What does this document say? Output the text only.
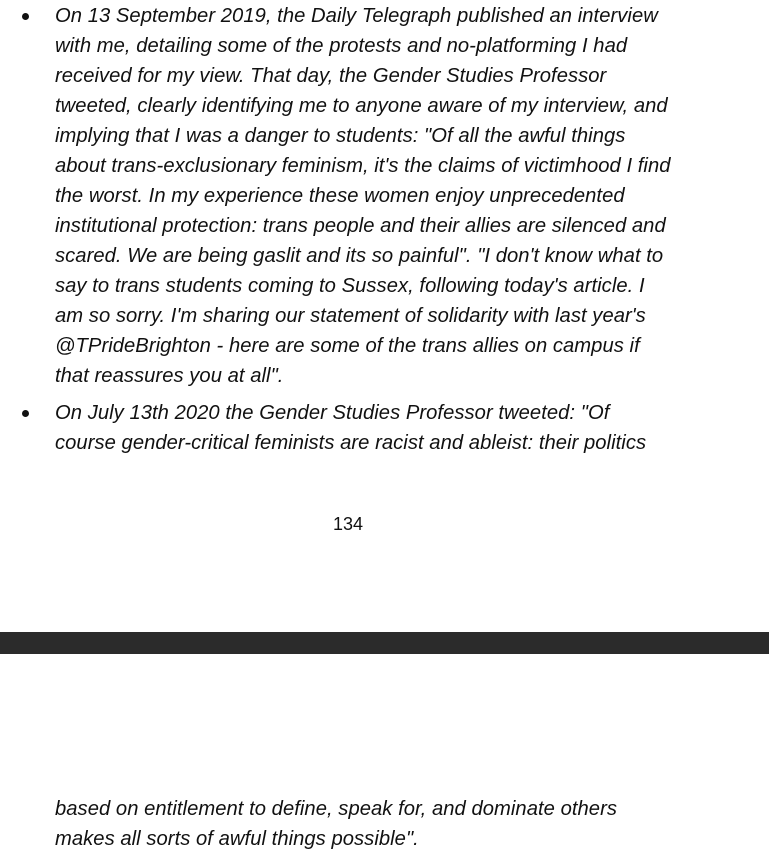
On 13 September 2019, the Daily Telegraph published an interview
with me, detailing some of the protests and no-platforming I had
received for my view. That day, the Gender Studies Professor
tweeted, clearly identifying me to anyone aware of my interview, and
implying that I was a danger to students: "Of all the awful things
about trans-exclusionary feminism, it's the claims of victimhood I find
the worst. In my experience these women enjoy unprecedented
institutional protection: trans people and their allies are silenced and
scared. We are being gaslit and its so painful". "I don't know what to
say to trans students coming to Sussex, following today's article. I
am so sorry. I'm sharing our statement of solidarity with last year's
@TPrideBrighton - here are some of the trans allies on campus if
that reassures you at all".
On July 13th 2020 the Gender Studies Professor tweeted: "Of
course gender-critical feminists are racist and ableist: their politics
134
based on entitlement to define, speak for, and dominate others
makes all sorts of awful things possible".
